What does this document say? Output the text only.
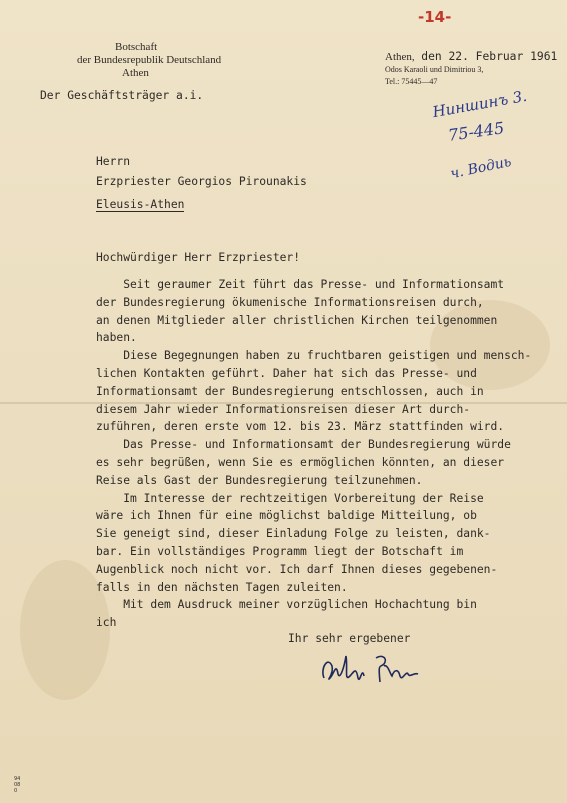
-14-
Botschaft
der Bundesrepublik Deutschland
Athen
Der Geschäftsträger a.i.
Athen, den 22. Februar 1961
Odos Karaoli und Dimitriou 3,
Tel.: 75445—47
Ниншинъ 3.
75-445
ч. Водиь
Herrn
Erzpriester Georgios Pirounakis
Eleusis-Athen
Hochwürdiger Herr Erzpriester!
Seit geraumer Zeit führt das Presse- und Informationsamt
der Bundesregierung ökumenische Informationsreisen durch,
an denen Mitglieder aller christlichen Kirchen teilgenommen
haben.
Diese Begegnungen haben zu fruchtbaren geistigen und mensch-
lichen Kontakten geführt. Daher hat sich das Presse- und
Informationsamt der Bundesregierung entschlossen, auch in
diesem Jahr wieder Informationsreisen dieser Art durch-
zuführen, deren erste vom 12. bis 23. März stattfinden wird.
Das Presse- und Informationsamt der Bundesregierung würde
es sehr begrüßen, wenn Sie es ermöglichen könnten, an dieser
Reise als Gast der Bundesregierung teilzunehmen.
Im Interesse der rechtzeitigen Vorbereitung der Reise
wäre ich Ihnen für eine möglichst baldige Mitteilung, ob
Sie geneigt sind, dieser Einladung Folge zu leisten, dank-
bar. Ein vollständiges Programm liegt der Botschaft im
Augenblick noch nicht vor. Ich darf Ihnen dieses gegebenen-
falls in den nächsten Tagen zuleiten.
Mit dem Ausdruck meiner vorzüglichen Hochachtung bin
ich
Ihr sehr ergebener
94
08
0
